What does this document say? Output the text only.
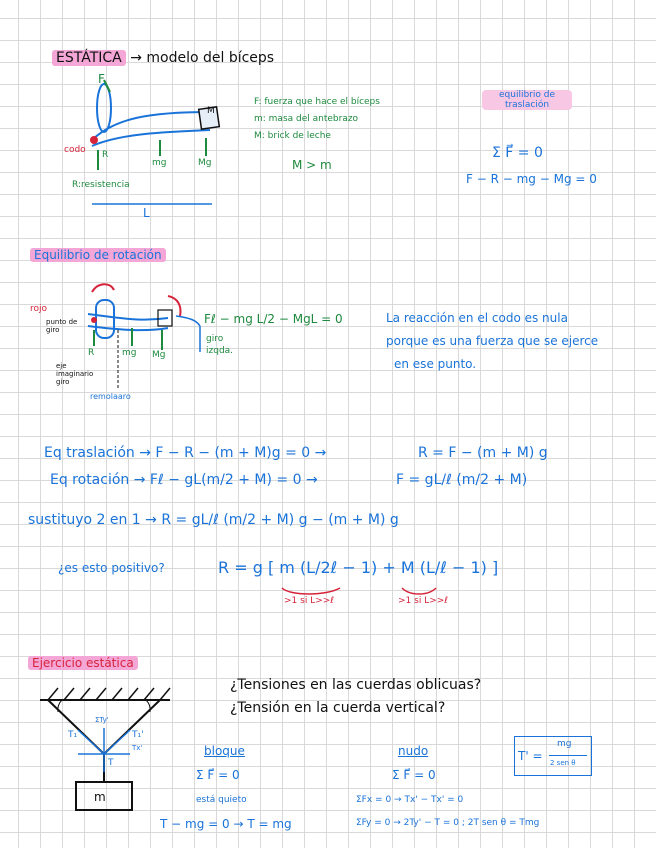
ESTÁTICA → modelo del bíceps
F
M
codo R
mg	Mg
R:resistencia
L
F: fuerza que hace el bíceps
m: masa del antebrazo
M: brick de leche
M > m
equilibrio de traslación
Σ F⃗ = 0
F − R − mg − Mg = 0
Equilibrio de rotación
rojo
punto de giro
R	mg Mg
eje imaginario giro
remolaaro
Fℓ − mg L/2 − MgL = 0
giro
izqda.
La reacción en el codo es nula
porque es una fuerza que se ejerce
en ese punto.
Eq traslación → F − R − (m + M)g = 0 →	R = F − (m + M) g
Eq rotación → Fℓ − gL(m/2 + M) = 0 →	F = gL/ℓ (m/2 + M)
sustituyo 2 en 1 → R = gL/ℓ (m/2 + M) g − (m + M) g
¿es esto positivo?	R = g [ m (L/2ℓ − 1) + M (L/ℓ − 1) ]
>1 si L>>ℓ	>1 si L>>ℓ
Ejercicio estática
T₁	T₁'
T
m
ΣTy'
Tx'
¿Tensiones en las cuerdas oblicuas?
¿Tensión en la cuerda vertical?
T' =
mg
2 sen θ
bloque
Σ F⃗ = 0
está quieto
T − mg = 0 → T = mg
nudo
Σ F⃗ = 0
ΣFx = 0 → Tx' − Tx' = 0
ΣFy = 0 → 2Ty' − T = 0 ; 2T sen θ = Tmg
